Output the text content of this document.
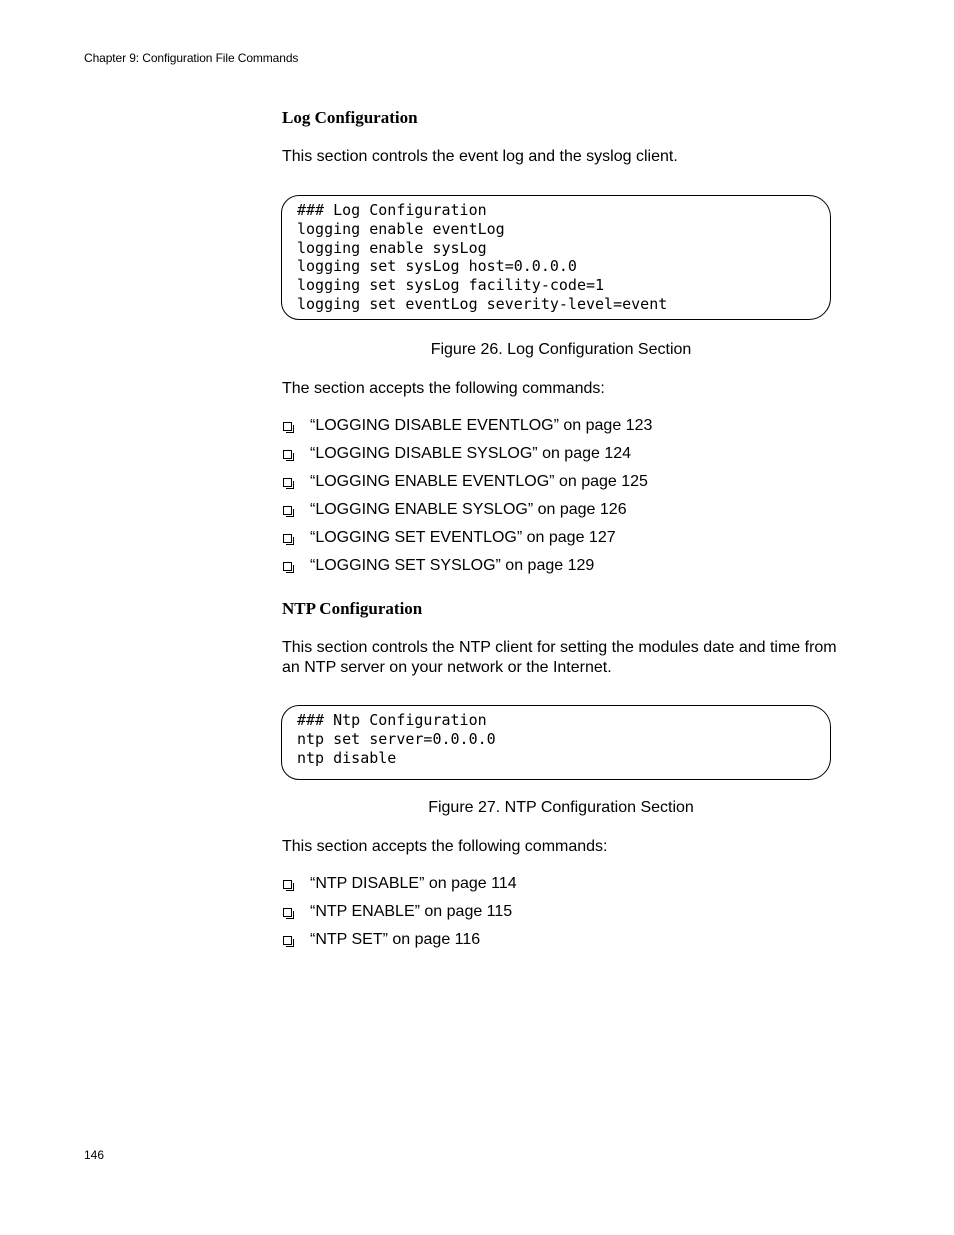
Chapter 9: Configuration File Commands
Log Configuration
This section controls the event log and the syslog client.
### Log Configuration
logging enable eventLog
logging enable sysLog
logging set sysLog host=0.0.0.0
logging set sysLog facility-code=1
logging set eventLog severity-level=event
Figure 26. Log Configuration Section
The section accepts the following commands:
“LOGGING DISABLE EVENTLOG” on page 123
“LOGGING DISABLE SYSLOG” on page 124
“LOGGING ENABLE EVENTLOG” on page 125
“LOGGING ENABLE SYSLOG” on page 126
“LOGGING SET EVENTLOG” on page 127
“LOGGING SET SYSLOG” on page 129
NTP Configuration
This section controls the NTP client for setting the modules date and time from an NTP server on your network or the Internet.
### Ntp Configuration
ntp set server=0.0.0.0
ntp disable
Figure 27. NTP Configuration Section
This section accepts the following commands:
“NTP DISABLE” on page 114
“NTP ENABLE” on page 115
“NTP SET” on page 116
146
